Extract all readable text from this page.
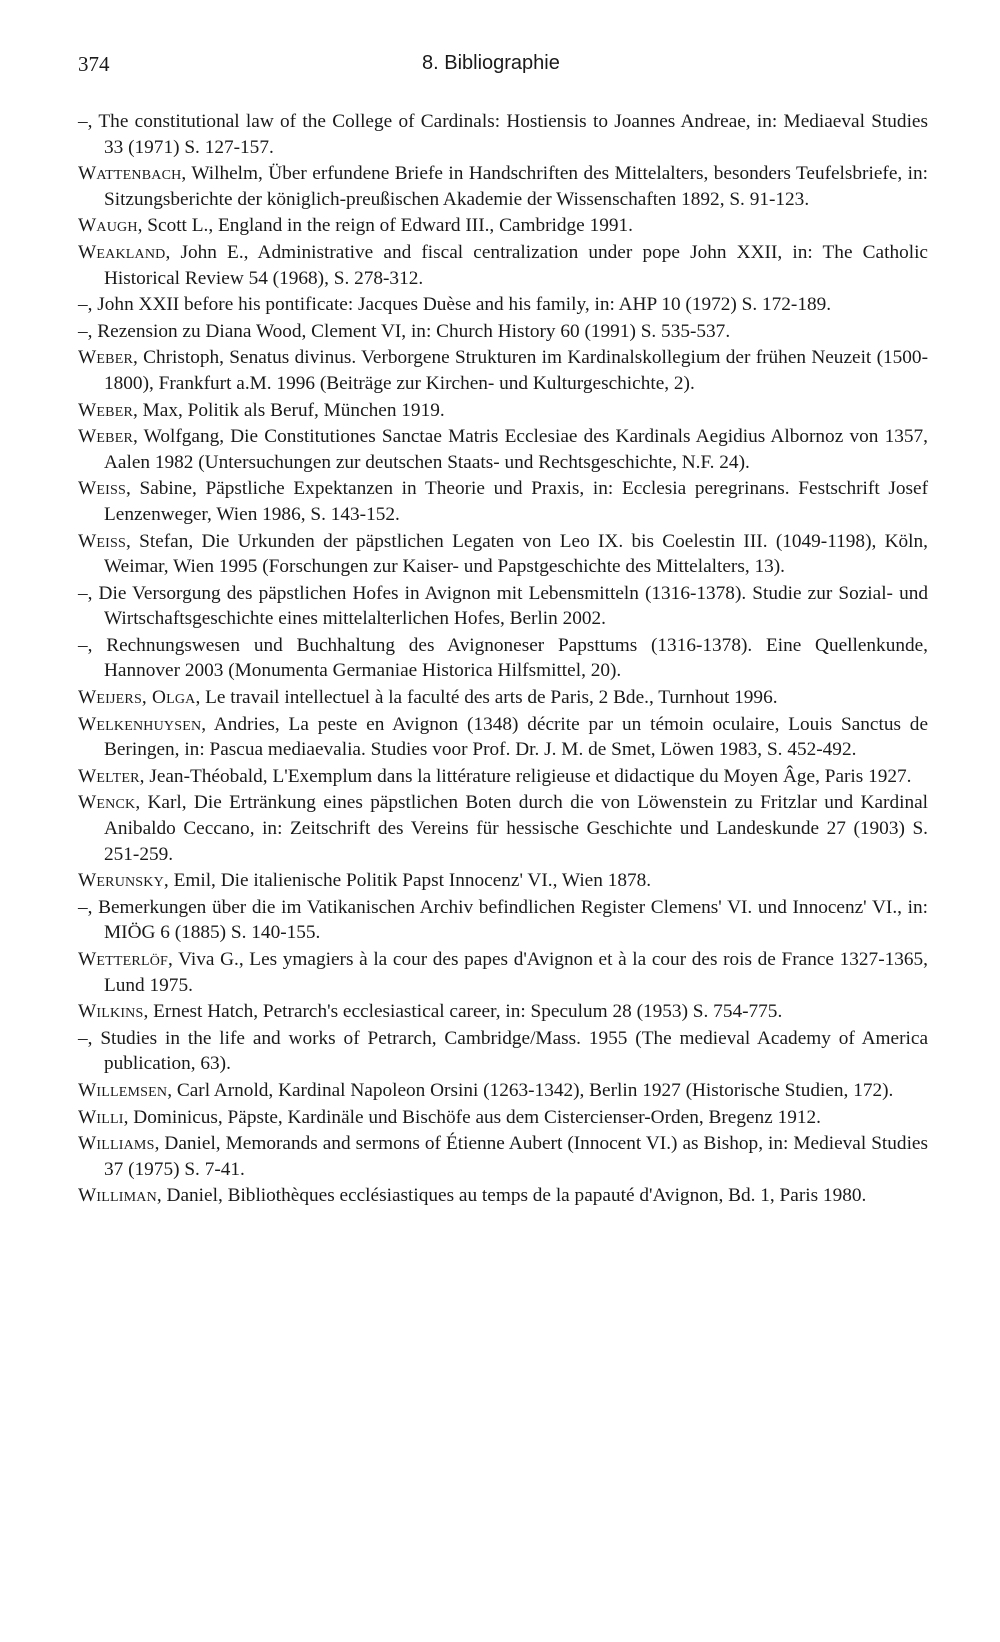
374	8. Bibliographie

–, The constitutional law of the College of Cardinals: Hostiensis to Joannes Andreae, in: Mediaeval Studies 33 (1971) S. 127-157.

Wattenbach, Wilhelm, Über erfundene Briefe in Handschriften des Mittelalters, besonders Teufelsbriefe, in: Sitzungsberichte der königlich-preußischen Akademie der Wissenschaften 1892, S. 91-123.

Waugh, Scott L., England in the reign of Edward III., Cambridge 1991.

Weakland, John E., Administrative and fiscal centralization under pope John XXII, in: The Catholic Historical Review 54 (1968), S. 278-312.

–, John XXII before his pontificate: Jacques Duèse and his family, in: AHP 10 (1972) S. 172-189.

–, Rezension zu Diana Wood, Clement VI, in: Church History 60 (1991) S. 535-537.

Weber, Christoph, Senatus divinus. Verborgene Strukturen im Kardinalskollegium der frühen Neuzeit (1500-1800), Frankfurt a.M. 1996 (Beiträge zur Kirchen- und Kulturgeschichte, 2).

Weber, Max, Politik als Beruf, München 1919.

Weber, Wolfgang, Die Constitutiones Sanctae Matris Ecclesiae des Kardinals Aegidius Albornoz von 1357, Aalen 1982 (Untersuchungen zur deutschen Staats- und Rechtsgeschichte, N.F. 24).

Weiss, Sabine, Päpstliche Expektanzen in Theorie und Praxis, in: Ecclesia peregrinans. Festschrift Josef Lenzenweger, Wien 1986, S. 143-152.

Weiss, Stefan, Die Urkunden der päpstlichen Legaten von Leo IX. bis Coelestin III. (1049-1198), Köln, Weimar, Wien 1995 (Forschungen zur Kaiser- und Papstgeschichte des Mittelalters, 13).

–, Die Versorgung des päpstlichen Hofes in Avignon mit Lebensmitteln (1316-1378). Studie zur Sozial- und Wirtschaftsgeschichte eines mittelalterlichen Hofes, Berlin 2002.

–, Rechnungswesen und Buchhaltung des Avignoneser Papsttums (1316-1378). Eine Quellenkunde, Hannover 2003 (Monumenta Germaniae Historica Hilfsmittel, 20).

Weijers, Olga, Le travail intellectuel à la faculté des arts de Paris, 2 Bde., Turnhout 1996.

Welkenhuysen, Andries, La peste en Avignon (1348) décrite par un témoin oculaire, Louis Sanctus de Beringen, in: Pascua mediaevalia. Studies voor Prof. Dr. J. M. de Smet, Löwen 1983, S. 452-492.

Welter, Jean-Théobald, L'Exemplum dans la littérature religieuse et didactique du Moyen Âge, Paris 1927.

Wenck, Karl, Die Ertränkung eines päpstlichen Boten durch die von Löwenstein zu Fritzlar und Kardinal Anibaldo Ceccano, in: Zeitschrift des Vereins für hessische Geschichte und Landeskunde 27 (1903) S. 251-259.

Werunsky, Emil, Die italienische Politik Papst Innocenz' VI., Wien 1878.

–, Bemerkungen über die im Vatikanischen Archiv befindlichen Register Clemens' VI. und Innocenz' VI., in: MIÖG 6 (1885) S. 140-155.

Wetterlöf, Viva G., Les ymagiers à la cour des papes d'Avignon et à la cour des rois de France 1327-1365, Lund 1975.

Wilkins, Ernest Hatch, Petrarch's ecclesiastical career, in: Speculum 28 (1953) S. 754-775.

–, Studies in the life and works of Petrarch, Cambridge/Mass. 1955 (The medieval Academy of America publication, 63).

Willemsen, Carl Arnold, Kardinal Napoleon Orsini (1263-1342), Berlin 1927 (Historische Studien, 172).

Willi, Dominicus, Päpste, Kardinäle und Bischöfe aus dem Cistercienser-Orden, Bregenz 1912.

Williams, Daniel, Memorands and sermons of Étienne Aubert (Innocent VI.) as Bishop, in: Medieval Studies 37 (1975) S. 7-41.

Williman, Daniel, Bibliothèques ecclésiastiques au temps de la papauté d'Avignon, Bd. 1, Paris 1980.
